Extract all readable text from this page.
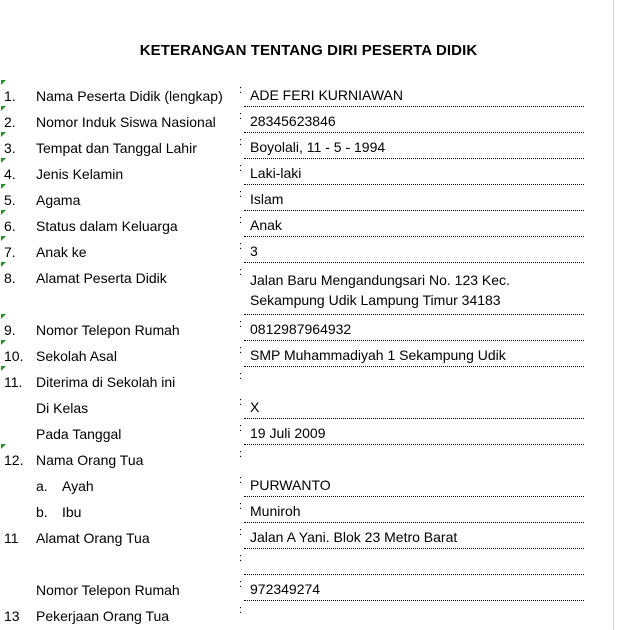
KETERANGAN TENTANG DIRI PESERTA DIDIK
1. Nama Peserta Didik (lengkap) : ADE FERI KURNIAWAN
2. Nomor Induk Siswa Nasional : 28345623846
3. Tempat dan Tanggal Lahir	: Boyolali, 11 - 5 - 1994
4. Jenis Kelamin	: Laki-laki
5. Agama	: Islam
6. Status dalam Keluarga	: Anak
7. Anak ke	: 3
8. Alamat Peserta Didik	: Jalan Baru Mengandungsari No. 123 Kec.
Sekampung Udik Lampung Timur 34183
9. Nomor Telepon Rumah	: 0812987964932
10. Sekolah Asal	: SMP Muhammadiyah 1 Sekampung Udik
11. Diterima di Sekolah ini	:
Di Kelas	: X
Pada Tanggal	: 19 Juli 2009
12. Nama Orang Tua	:
a. Ayah	: PURWANTO
b. Ibu	: Muniroh
11 Alamat Orang Tua	: Jalan A Yani. Blok 23 Metro Barat
:
Nomor Telepon Rumah	: 972349274
13 Pekerjaan Orang Tua	:
